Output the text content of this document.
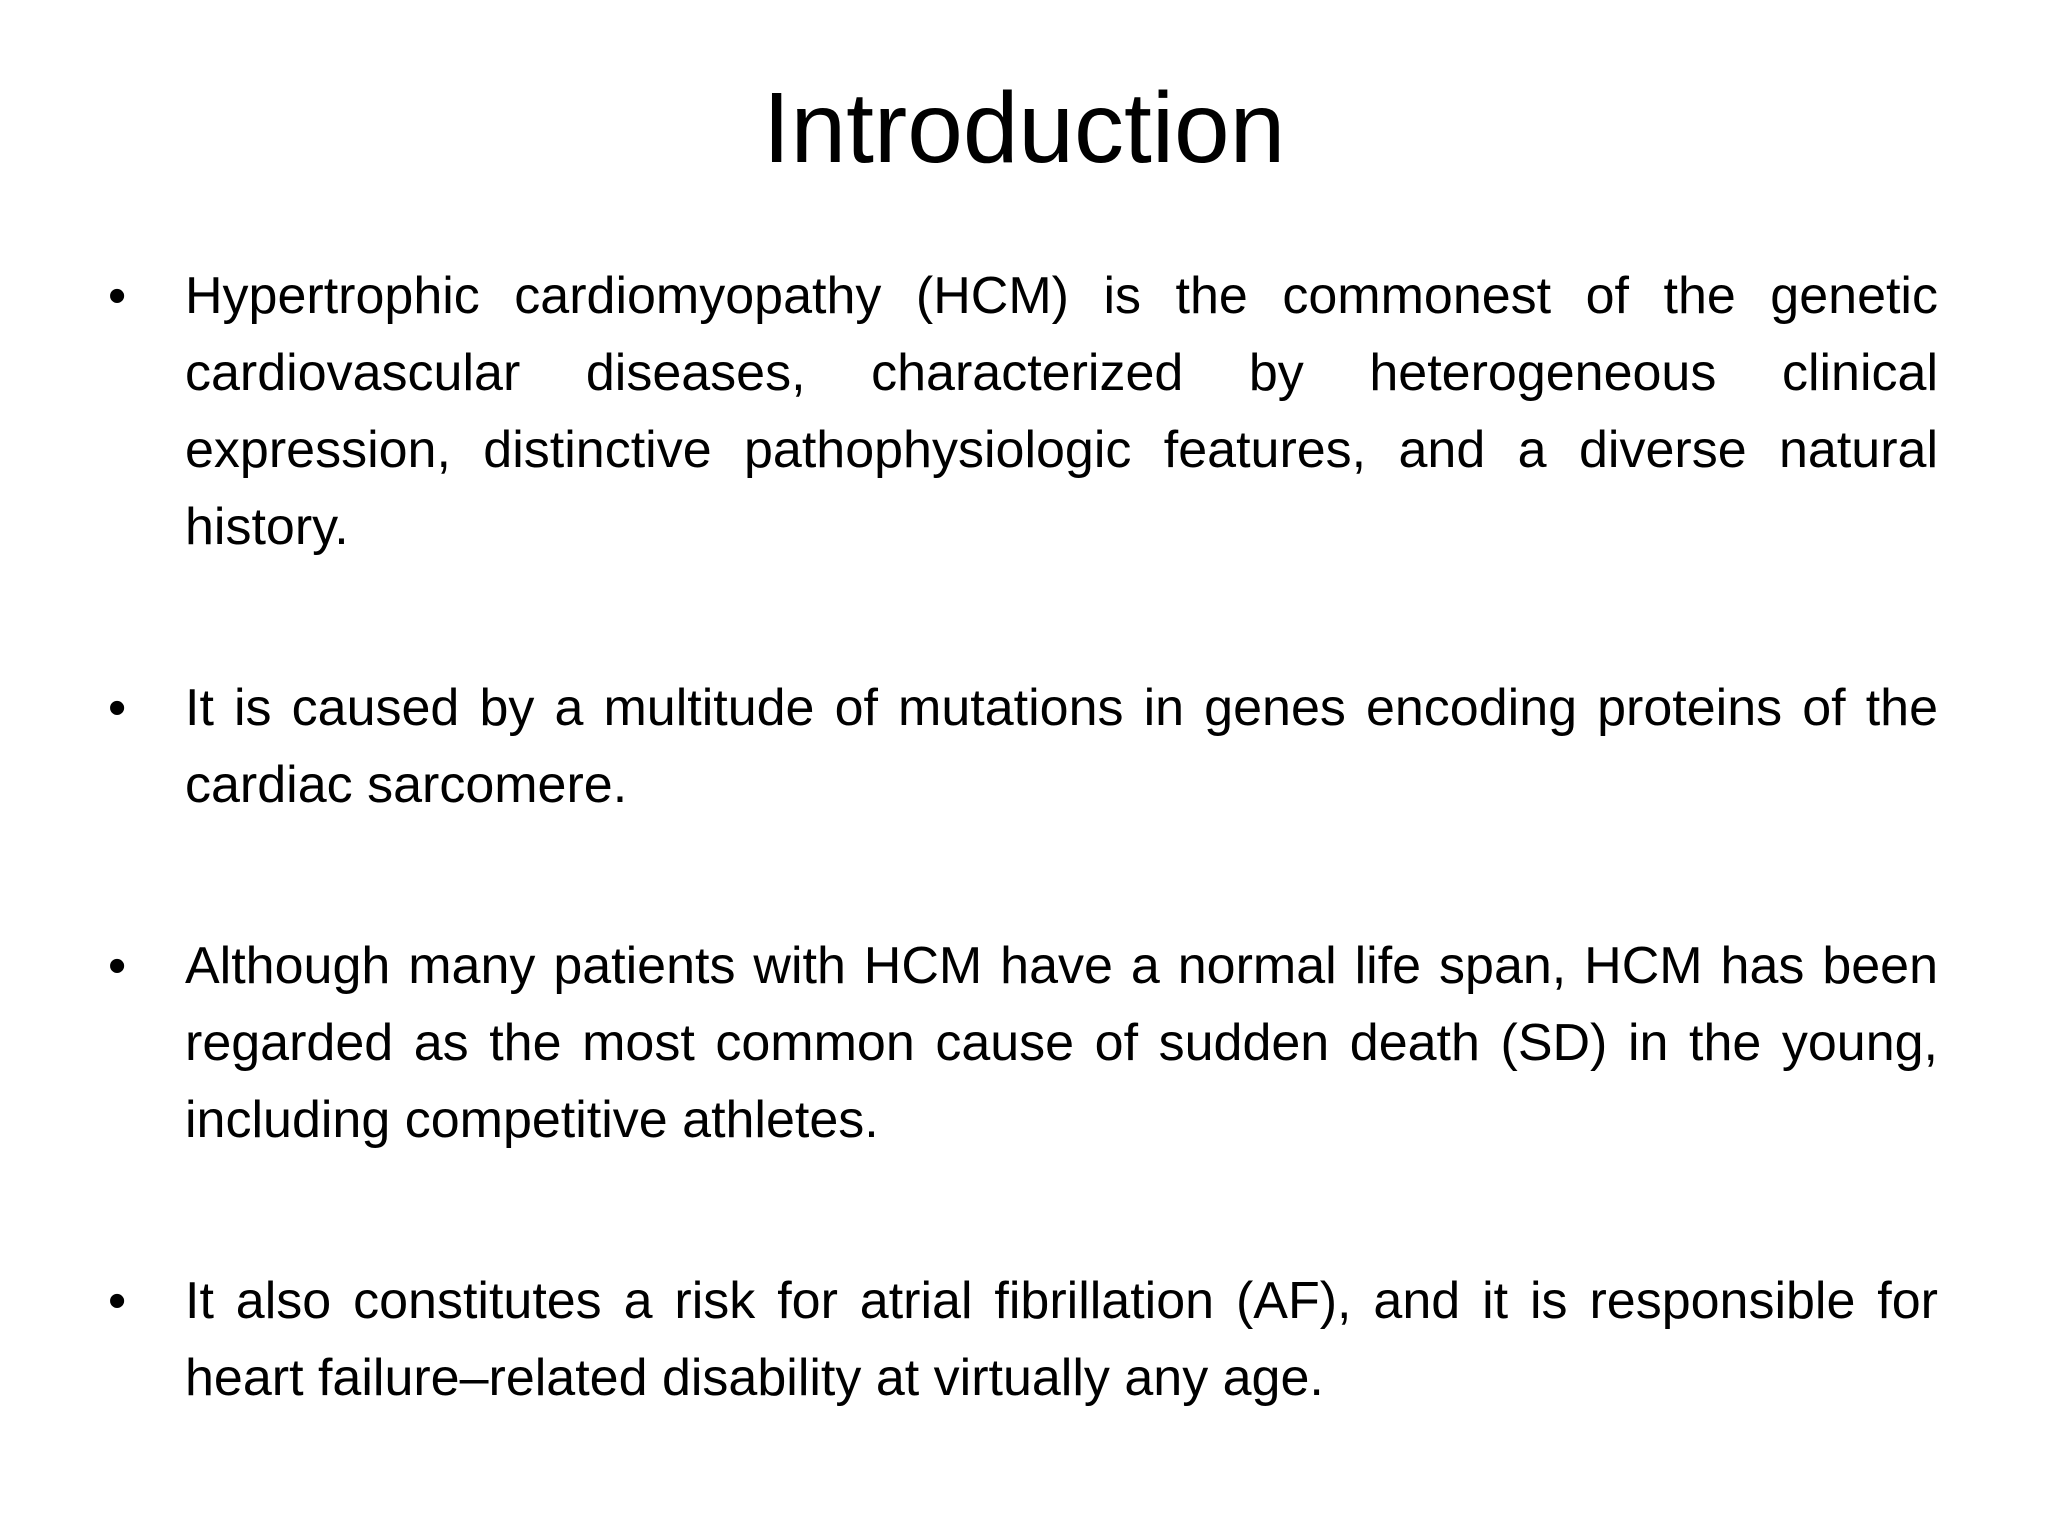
Introduction
• Hypertrophic cardiomyopathy (HCM) is the commonest of the genetic cardiovascular diseases, characterized by heterogeneous clinical expression, distinctive pathophysiologic features, and a diverse natural history.
• It is caused by a multitude of mutations in genes encoding proteins of the cardiac sarcomere.
• Although many patients with HCM have a normal life span, HCM has been regarded as the most common cause of sudden death (SD) in the young, including competitive athletes.
• It also constitutes a risk for atrial fibrillation (AF), and it is responsible for heart failure–related disability at virtually any age.
